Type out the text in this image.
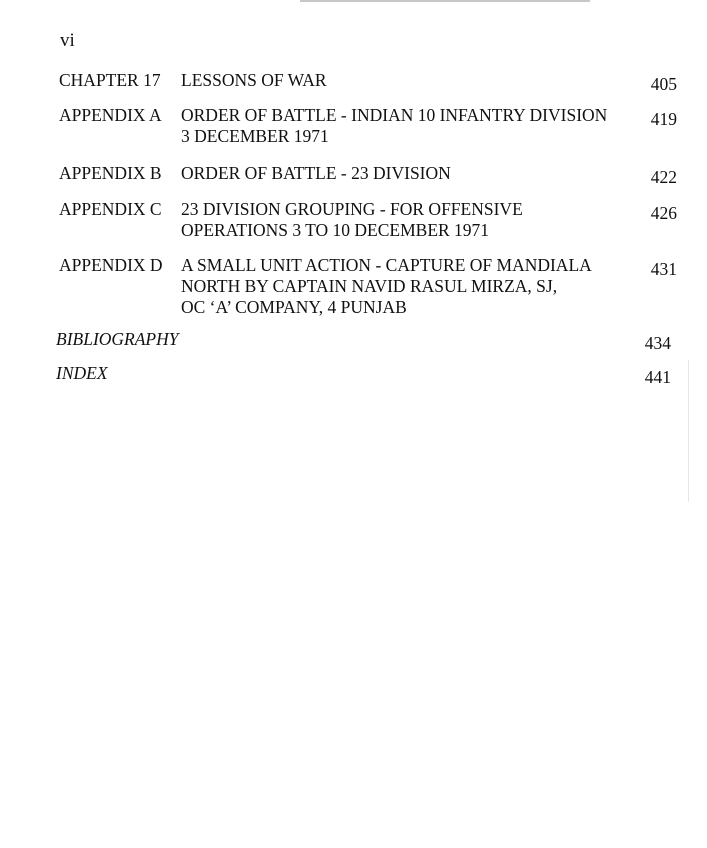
vi
CHAPTER 17 LESSONS OF WAR	405
APPENDIX A ORDER OF BATTLE - INDIAN 10 INFANTRY DIVISION
3 DECEMBER 1971
419
APPENDIX B ORDER OF BATTLE - 23 DIVISION	422
APPENDIX C 23 DIVISION GROUPING - FOR OFFENSIVE
OPERATIONS 3 TO 10 DECEMBER 1971
426
APPENDIX D A SMALL UNIT ACTION - CAPTURE OF MANDIALA
NORTH BY CAPTAIN NAVID RASUL MIRZA, SJ,
OC ‘A’ COMPANY, 4 PUNJAB
431
BIBLIOGRAPHY	434
INDEX	441
